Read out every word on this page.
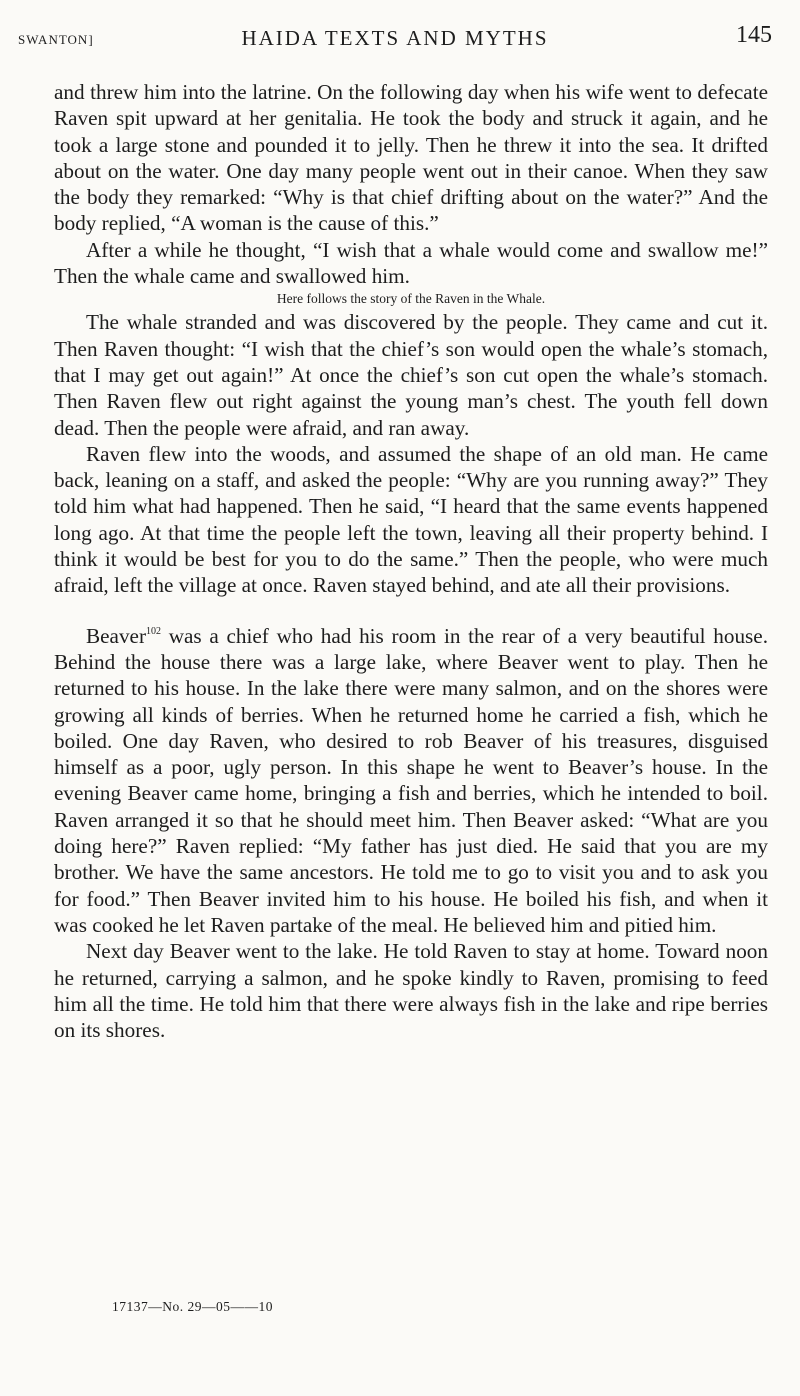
SWANTON]	HAIDA TEXTS AND MYTHS	145

and threw him into the latrine. On the following day when his wife went to defecate Raven spit upward at her genitalia. He took the body and struck it again, and he took a large stone and pounded it to jelly. Then he threw it into the sea. It drifted about on the water. One day many people went out in their canoe. When they saw the body they remarked: “Why is that chief drifting about on the water?” And the body replied, “A woman is the cause of this.”

After a while he thought, “I wish that a whale would come and swallow me!” Then the whale came and swallowed him.

Here follows the story of the Raven in the Whale.

The whale stranded and was discovered by the people. They came and cut it. Then Raven thought: “I wish that the chief’s son would open the whale’s stomach, that I may get out again!” At once the chief’s son cut open the whale’s stomach. Then Raven flew out right against the young man’s chest. The youth fell down dead. Then the people were afraid, and ran away.

Raven flew into the woods, and assumed the shape of an old man. He came back, leaning on a staff, and asked the people: “Why are you running away?” They told him what had happened. Then he said, “I heard that the same events happened long ago. At that time the people left the town, leaving all their property behind. I think it would be best for you to do the same.” Then the people, who were much afraid, left the village at once. Raven stayed behind, and ate all their provisions.

Beaver$^{102}$ was a chief who had his room in the rear of a very beautiful house. Behind the house there was a large lake, where Beaver went to play. Then he returned to his house. In the lake there were many salmon, and on the shores were growing all kinds of berries. When he returned home he carried a fish, which he boiled. One day Raven, who desired to rob Beaver of his treasures, disguised himself as a poor, ugly person. In this shape he went to Beaver’s house. In the evening Beaver came home, bringing a fish and berries, which he intended to boil. Raven arranged it so that he should meet him. Then Beaver asked: “What are you doing here?” Raven replied: “My father has just died. He said that you are my brother. We have the same ancestors. He told me to go to visit you and to ask you for food.” Then Beaver invited him to his house. He boiled his fish, and when it was cooked he let Raven partake of the meal. He believed him and pitied him.

Next day Beaver went to the lake. He told Raven to stay at home. Toward noon he returned, carrying a salmon, and he spoke kindly to Raven, promising to feed him all the time. He told him that there were always fish in the lake and ripe berries on its shores.

17137—No. 29—05——10
